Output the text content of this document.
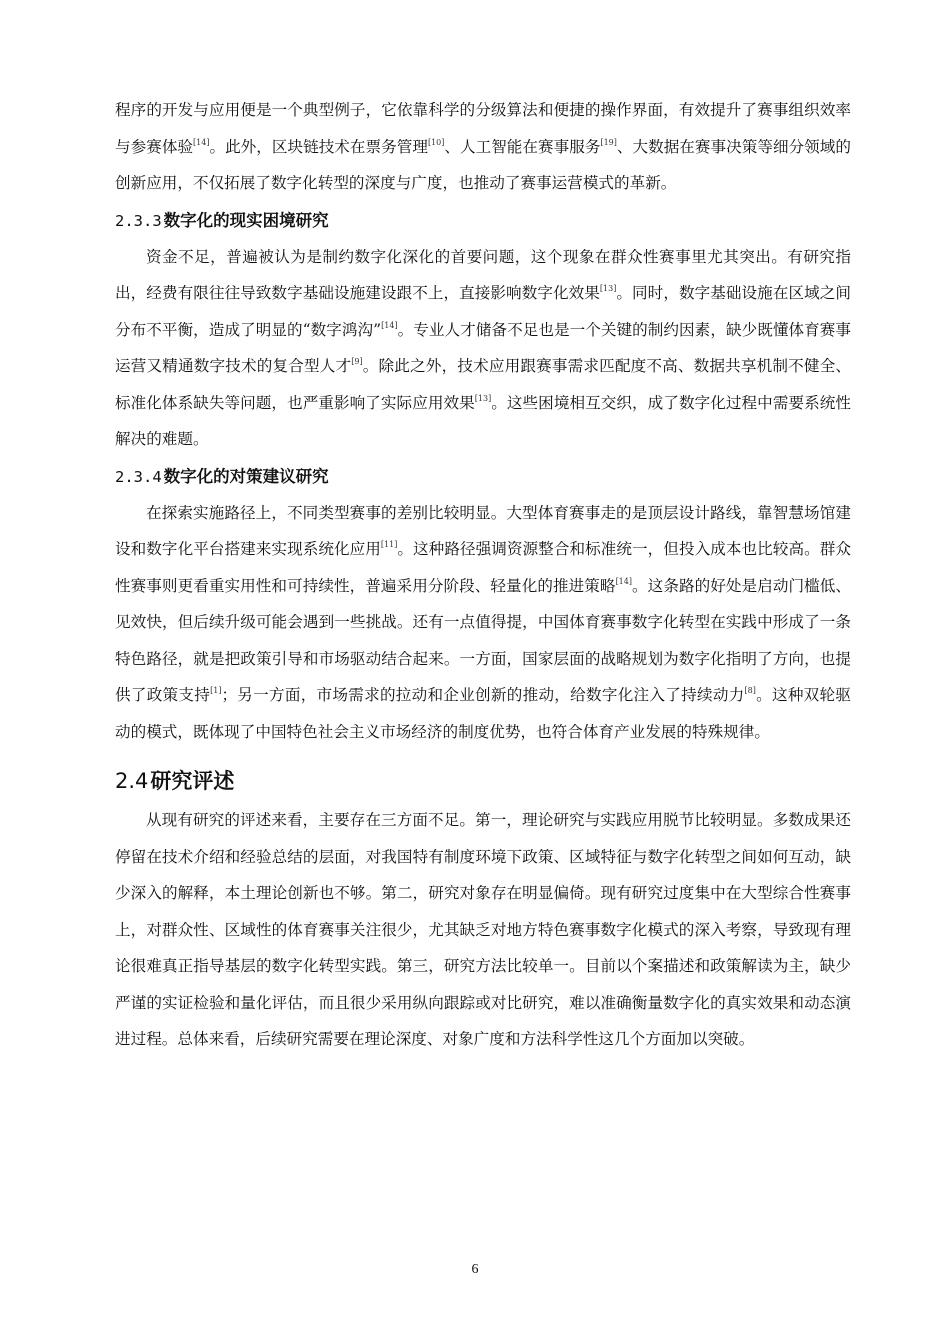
程序的开发与应用便是一个典型例子，它依靠科学的分级算法和便捷的操作界面，有效提升了赛事组织效率与参赛体验[14]。此外，区块链技术在票务管理[10]、人工智能在赛事服务[19]、大数据在赛事决策等细分领域的创新应用，不仅拓展了数字化转型的深度与广度，也推动了赛事运营模式的革新。

2.3.3 数字化的现实困境研究

资金不足，普遍被认为是制约数字化深化的首要问题，这个现象在群众性赛事里尤其突出。有研究指出，经费有限往往导致数字基础设施建设跟不上，直接影响数字化效果[13]。同时，数字基础设施在区域之间分布不平衡，造成了明显的“数字鸿沟”[14]。专业人才储备不足也是一个关键的制约因素，缺少既懂体育赛事运营又精通数字技术的复合型人才[9]。除此之外，技术应用跟赛事需求匹配度不高、数据共享机制不健全、标准化体系缺失等问题，也严重影响了实际应用效果[13]。这些困境相互交织，成了数字化过程中需要系统性解决的难题。

2.3.4 数字化的对策建议研究

在探索实施路径上，不同类型赛事的差别比较明显。大型体育赛事走的是顶层设计路线，靠智慧场馆建设和数字化平台搭建来实现系统化应用[11]。这种路径强调资源整合和标准统一，但投入成本也比较高。群众性赛事则更看重实用性和可持续性，普遍采用分阶段、轻量化的推进策略[14]。这条路的好处是启动门槛低、见效快，但后续升级可能会遇到一些挑战。还有一点值得提，中国体育赛事数字化转型在实践中形成了一条特色路径，就是把政策引导和市场驱动结合起来。一方面，国家层面的战略规划为数字化指明了方向，也提供了政策支持[1]；另一方面，市场需求的拉动和企业创新的推动，给数字化注入了持续动力[8]。这种双轮驱动的模式，既体现了中国特色社会主义市场经济的制度优势，也符合体育产业发展的特殊规律。

2.4研究评述

从现有研究的评述来看，主要存在三方面不足。第一，理论研究与实践应用脱节比较明显。多数成果还停留在技术介绍和经验总结的层面，对我国特有制度环境下政策、区域特征与数字化转型之间如何互动，缺少深入的解释，本土理论创新也不够。第二，研究对象存在明显偏倚。现有研究过度集中在大型综合性赛事上，对群众性、区域性的体育赛事关注很少，尤其缺乏对地方特色赛事数字化模式的深入考察，导致现有理论很难真正指导基层的数字化转型实践。第三，研究方法比较单一。目前以个案描述和政策解读为主，缺少严谨的实证检验和量化评估，而且很少采用纵向跟踪或对比研究，难以准确衡量数字化的真实效果和动态演进过程。总体来看，后续研究需要在理论深度、对象广度和方法科学性这几个方面加以突破。

6
